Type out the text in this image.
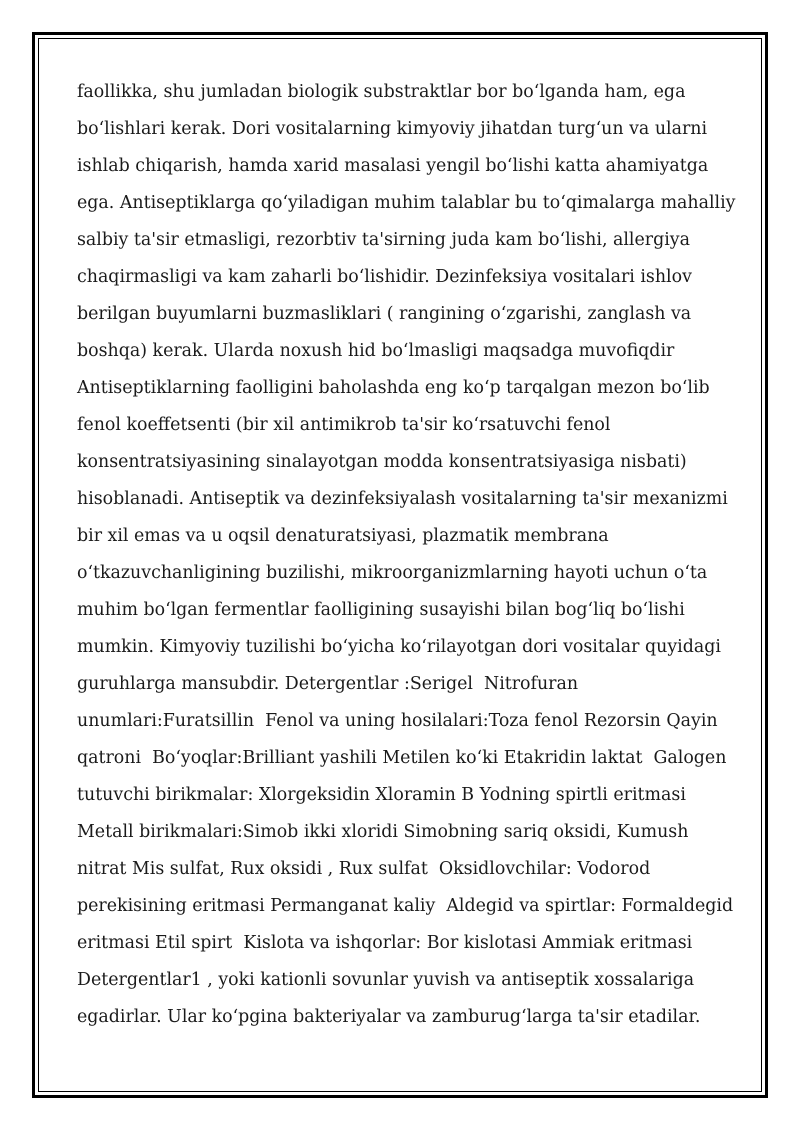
faollikka, shu jumladan biologik substraktlar bor bo‘lganda ham, ega
bo‘lishlari kerak. Dori vositalarning kimyoviy jihatdan turg‘un va ularni
ishlab chiqarish, hamda xarid masalasi yengil bo‘lishi katta ahamiyatga
ega. Antiseptiklarga qo‘yiladigan muhim talablar bu to‘qimalarga mahalliy
salbiy ta'sir etmasligi, rezorbtiv ta'sirning juda kam bo‘lishi, allergiya
chaqirmasligi va kam zaharli bo‘lishidir. Dezinfeksiya vositalari ishlov
berilgan buyumlarni buzmasliklari ( rangining o‘zgarishi, zanglash va
boshqa) kerak. Ularda noxush hid bo‘lmasligi maqsadga muvofiqdir
Antiseptiklarning faolligini baholashda eng ko‘p tarqalgan mezon bo‘lib
fenol koeffetsenti (bir xil antimikrob ta'sir ko‘rsatuvchi fenol
konsentratsiyasining sinalayotgan modda konsentratsiyasiga nisbati)
hisoblanadi. Antiseptik va dezinfeksiyalash vositalarning ta'sir mexanizmi
bir xil emas va u oqsil denaturatsiyasi, plazmatik membrana
o‘tkazuvchanligining buzilishi, mikroorganizmlarning hayoti uchun o‘ta
muhim bo‘lgan fermentlar faolligining susayishi bilan bog‘liq bo‘lishi
mumkin. Kimyoviy tuzilishi bo‘yicha ko‘rilayotgan dori vositalar quyidagi
guruhlarga mansubdir. Detergentlar :Serigel  Nitrofuran
unumlari:Furatsillin  Fenol va uning hosilalari:Toza fenol Rezorsin Qayin
qatroni  Bo‘yoqlar:Brilliant yashili Metilen ko‘ki Etakridin laktat  Galogen
tutuvchi birikmalar: Xlorgeksidin Xloramin B Yodning spirtli eritmasi
Metall birikmalari:Simob ikki xloridi Simobning sariq oksidi, Kumush
nitrat Mis sulfat, Rux oksidi , Rux sulfat  Oksidlovchilar: Vodorod
perekisining eritmasi Permanganat kaliy  Aldegid va spirtlar: Formaldegid
eritmasi Etil spirt  Kislota va ishqorlar: Bor kislotasi Ammiak eritmasi
Detergentlar1 , yoki kationli sovunlar yuvish va antiseptik xossalariga
egadirlar. Ular ko‘pgina bakteriyalar va zamburug‘larga ta'sir etadilar.
